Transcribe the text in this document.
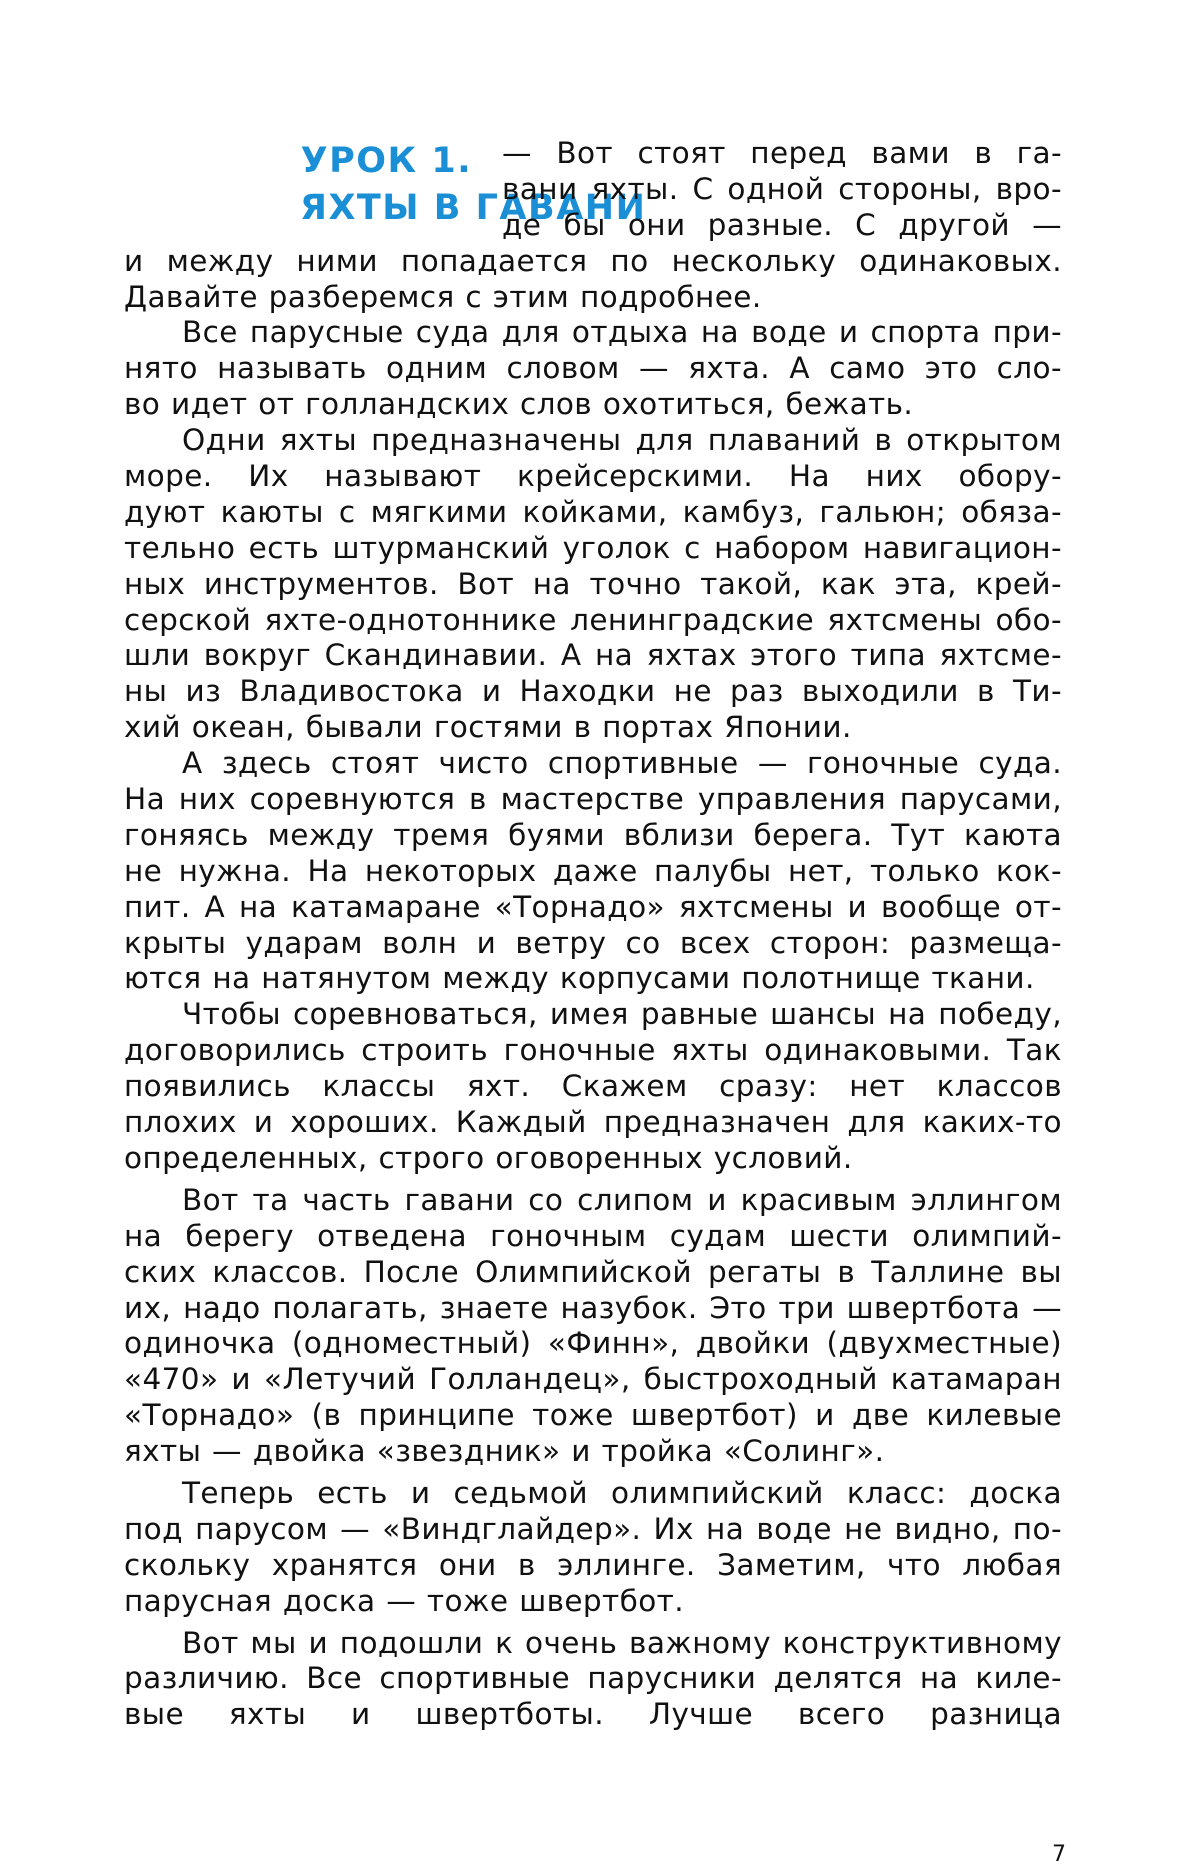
УРОК 1.
ЯХТЫ В ГАВАНИ
— Вот стоят перед вами в га-
вани яхты. С одной стороны, вро-
де бы они разные. С другой —
и между ними попадается по нескольку одинаковых.
Давайте разберемся с этим подробнее.
Все парусные суда для отдыха на воде и спорта при-
нято называть одним словом — яхта. А само это сло-
во идет от голландских слов охотиться, бежать.
Одни яхты предназначены для плаваний в открытом
море. Их называют крейсерскими. На них обору-
дуют каюты с мягкими койками, камбуз, гальюн; обяза-
тельно есть штурманский уголок с набором навигацион-
ных инструментов. Вот на точно такой, как эта, крей-
серской яхте-однотоннике ленинградские яхтсмены обо-
шли вокруг Скандинавии. А на яхтах этого типа яхтсме-
ны из Владивостока и Находки не раз выходили в Ти-
хий океан, бывали гостями в портах Японии.
А здесь стоят чисто спортивные — гоночные суда.
На них соревнуются в мастерстве управления парусами,
гоняясь между тремя буями вблизи берега. Тут каюта
не нужна. На некоторых даже палубы нет, только кок-
пит. А на катамаране «Торнадо» яхтсмены и вообще от-
крыты ударам волн и ветру со всех сторон: размеща-
ются на натянутом между корпусами полотнище ткани.
Чтобы соревноваться, имея равные шансы на победу,
договорились строить гоночные яхты одинаковыми. Так
появились классы яхт. Скажем сразу: нет классов
плохих и хороших. Каждый предназначен для каких-то
определенных, строго оговоренных условий.
Вот та часть гавани со слипом и красивым эллингом
на берегу отведена гоночным судам шести олимпий-
ских классов. После Олимпийской регаты в Таллине вы
их, надо полагать, знаете назубок. Это три швертбота —
одиночка (одноместный) «Финн», двойки (двухместные)
«470» и «Летучий Голландец», быстроходный катамаран
«Торнадо» (в принципе тоже швертбот) и две килевые
яхты — двойка «звездник» и тройка «Солинг».
Теперь есть и седьмой олимпийский класс: доска
под парусом — «Виндглайдер». Их на воде не видно, по-
скольку хранятся они в эллинге. Заметим, что любая
парусная доска — тоже швертбот.
Вот мы и подошли к очень важному конструктивному
различию. Все спортивные парусники делятся на киле-
вые яхты и швертботы. Лучше всего разница
7
